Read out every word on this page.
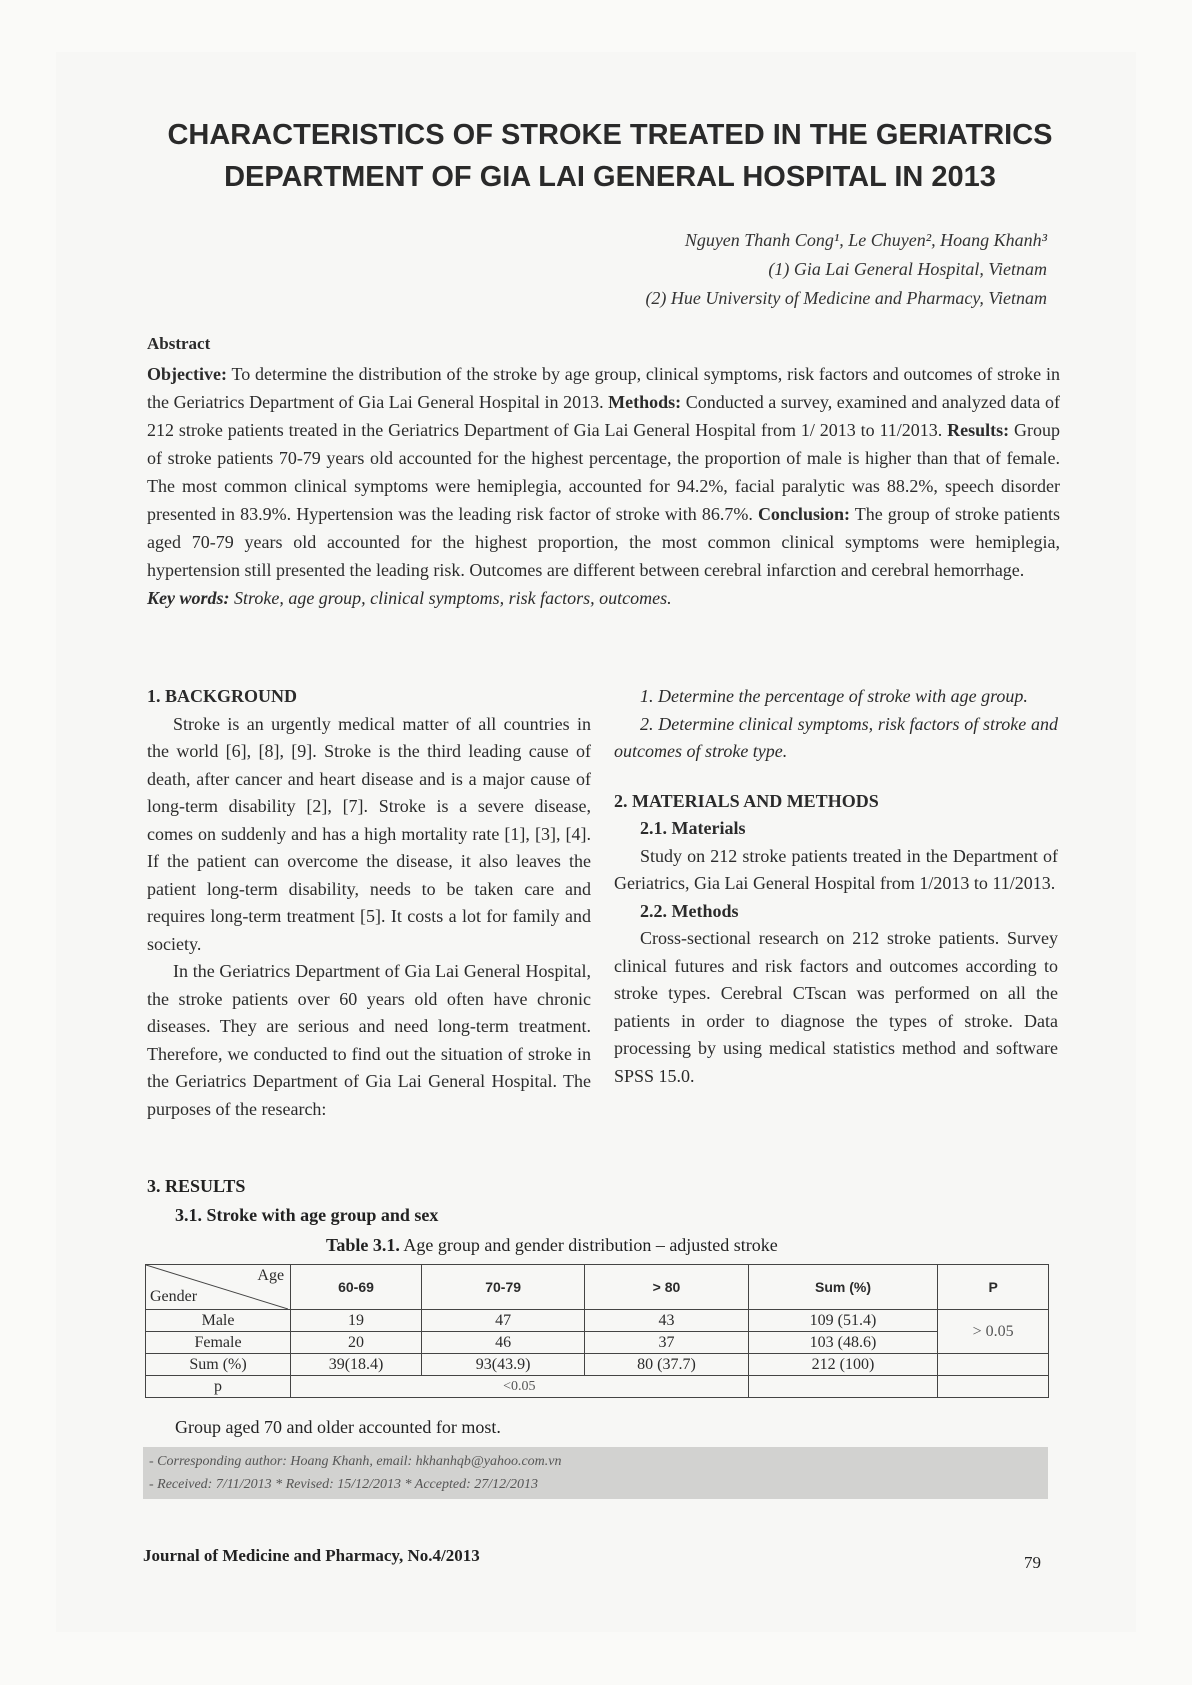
CHARACTERISTICS OF STROKE TREATED IN THE GERIATRICS
DEPARTMENT OF GIA LAI GENERAL HOSPITAL IN 2013
Nguyen Thanh Cong¹, Le Chuyen², Hoang Khanh³
(1) Gia Lai General Hospital, Vietnam
(2) Hue University of Medicine and Pharmacy, Vietnam
Abstract
Objective: To determine the distribution of the stroke by age group, clinical symptoms, risk factors and outcomes of stroke in the Geriatrics Department of Gia Lai General Hospital in 2013. Methods: Conducted a survey, examined and analyzed data of 212 stroke patients treated in the Geriatrics Department of Gia Lai General Hospital from 1/ 2013 to 11/2013. Results: Group of stroke patients 70-79 years old accounted for the highest percentage, the proportion of male is higher than that of female. The most common clinical symptoms were hemiplegia, accounted for 94.2%, facial paralytic was 88.2%, speech disorder presented in 83.9%. Hypertension was the leading risk factor of stroke with 86.7%. Conclusion: The group of stroke patients aged 70-79 years old accounted for the highest proportion, the most common clinical symptoms were hemiplegia, hypertension still presented the leading risk. Outcomes are different between cerebral infarction and cerebral hemorrhage.
Key words: Stroke, age group, clinical symptoms, risk factors, outcomes.
1. BACKGROUND

Stroke is an urgently medical matter of all countries in the world [6], [8], [9]. Stroke is the third leading cause of death, after cancer and heart disease and is a major cause of long-term disability [2], [7]. Stroke is a severe disease, comes on suddenly and has a high mortality rate [1], [3], [4]. If the patient can overcome the disease, it also leaves the patient long-term disability, needs to be taken care and requires long-term treatment [5]. It costs a lot for family and society.

In the Geriatrics Department of Gia Lai General Hospital, the stroke patients over 60 years old often have chronic diseases. They are serious and need long-term treatment. Therefore, we conducted to find out the situation of stroke in the Geriatrics Department of Gia Lai General Hospital. The purposes of the research:

1. Determine the percentage of stroke with age group.

2. Determine clinical symptoms, risk factors of stroke and outcomes of stroke type.

2. MATERIALS AND METHODS
2.1. Materials

Study on 212 stroke patients treated in the Department of Geriatrics, Gia Lai General Hospital from 1/2013 to 11/2013.

2.2. Methods

Cross-sectional research on 212 stroke patients. Survey clinical futures and risk factors and outcomes according to stroke types. Cerebral CTscan was performed on all the patients in order to diagnose the types of stroke. Data processing by using medical statistics method and software SPSS 15.0.

3. RESULTS
3.1. Stroke with age group and sex
Table 3.1. Age group and gender distribution – adjusted stroke
Age
Gender	60-69	70-79	> 80	Sum (%)	P
Male	19	47	43	109 (51.4)	> 0.05
Female	20	46	37	103 (48.6)	
Sum (%)	39(18.4)	93(43.9)	80 (37.7)	212 (100)	
p	<0.05				
Group aged 70 and older accounted for most.
- Corresponding author: Hoang Khanh, email: hkhanhqb@yahoo.com.vn
- Received: 7/11/2013 * Revised: 15/12/2013 * Accepted: 27/12/2013
Journal of Medicine and Pharmacy, No.4/2013	79
